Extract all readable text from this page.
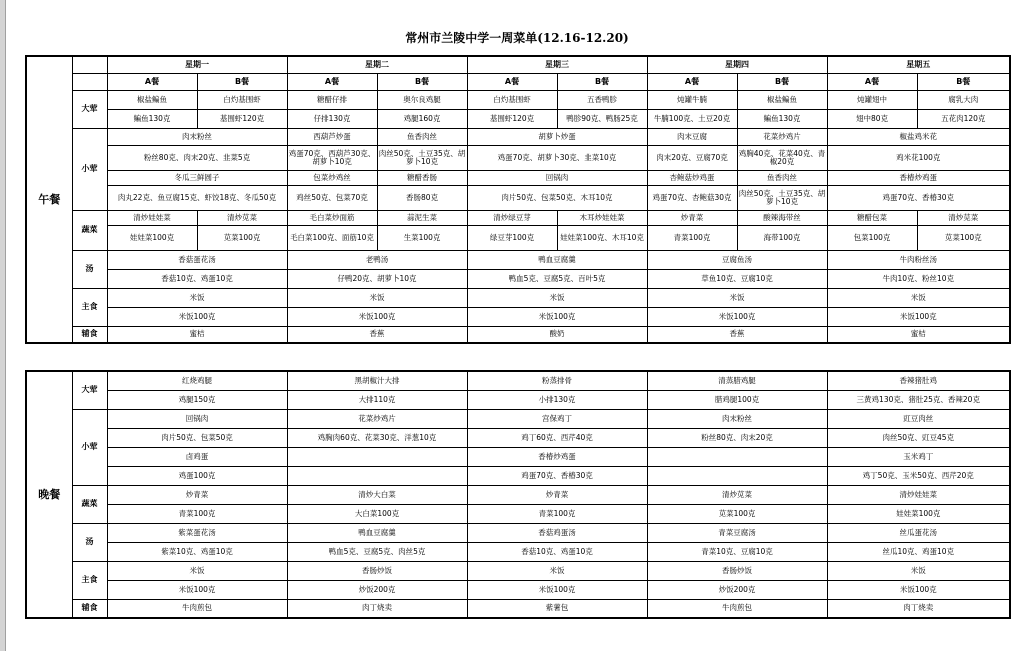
常州市兰陵中学一周菜单(12.16-12.20)
午餐		星期一		星期二		星期三		星期四		星期五	
		A餐	B餐	A餐	B餐	A餐	B餐	A餐	B餐	A餐	B餐
	大荤	椒盐鳊鱼	白灼基围虾	糖醋仔排	奥尔良鸡腿	白灼基围虾	五香鸭胗	炖罐牛腩	椒盐鳊鱼	炖罐翅中	腐乳大肉
		鳊鱼130克	基围虾120克	仔排130克	鸡腿160克	基围虾120克	鸭胗90克、鸭肠25克	牛腩100克、土豆20克	鳊鱼130克	翅中80克	五花肉120克
	小荤	肉末粉丝		西葫芦炒蛋	鱼香肉丝	胡萝卜炒蛋		肉末豆腐	花菜炒鸡片	椒盐鸡米花	
		粉丝80克、肉末20克、韭菜5克		鸡蛋70克、西葫芦30克、胡萝卜10克	肉丝50克、土豆35克、胡萝卜10克	鸡蛋70克、胡萝卜30克、韭菜10克		肉末20克、豆腐70克	鸡胸40克、花菜40克、青椒20克	鸡米花100克	
		冬瓜三鲜圆子		包菜炒鸡丝	糖醋香肠	回锅肉		杏鲍菇炒鸡蛋	鱼香肉丝	香椿炒鸡蛋	
		肉丸22克、鱼豆腐15克、虾饺18克、冬瓜50克		鸡丝50克、包菜70克	香肠80克	肉片50克、包菜50克、木耳10克		鸡蛋70克、杏鲍菇30克	肉丝50克、土豆35克、胡萝卜10克	鸡蛋70克、香椿30克	
	蔬菜	清炒娃娃菜	清炒苋菜	毛白菜炒面筋	蒜泥生菜	清炒绿豆芽	木耳炒娃娃菜	炒青菜	酸辣海带丝	糖醋包菜	清炒苋菜
		娃娃菜100克	苋菜100克	毛白菜100克、面筋10克	生菜100克	绿豆芽100克	娃娃菜100克、木耳10克	青菜100克	海带100克	包菜100克	苋菜100克
	汤	香菇蛋花汤		老鸭汤		鸭血豆腐羹		豆腐鱼汤		牛肉粉丝汤	
		香菇10克、鸡蛋10克		仔鸭20克、胡萝卜10克		鸭血5克、豆腐5克、百叶5克		草鱼10克、豆腐10克		牛肉10克、粉丝10克	
	主食	米饭		米饭		米饭		米饭		米饭	
		米饭100克		米饭100克		米饭100克		米饭100克		米饭100克	
	辅食	蜜桔		香蕉		酸奶		香蕉		蜜桔	
晚餐	大荤	红烧鸡腿	黑胡椒汁大排	粉蒸排骨	清蒸腊鸡腿	香辣猪肚鸡
		鸡腿150克	大排110克	小排130克	腊鸡腿100克	三黄鸡130克、猪肚25克、香辣20克
	小荤	回锅肉	花菜炒鸡片	宫保鸡丁	肉末粉丝	豇豆肉丝
		肉片50克、包菜50克	鸡胸肉60克、花菜30克、洋葱10克	鸡丁60克、西芹40克	粉丝80克、肉末20克	肉丝50克、豇豆45克
		卤鸡蛋		香椿炒鸡蛋		玉米鸡丁
		鸡蛋100克		鸡蛋70克、香椿30克		鸡丁50克、玉米50克、西芹20克
	蔬菜	炒青菜	清炒大白菜	炒青菜	清炒苋菜	清炒娃娃菜
		青菜100克	大白菜100克	青菜100克	苋菜100克	娃娃菜100克
	汤	紫菜蛋花汤	鸭血豆腐羹	香菇鸡蛋汤	青菜豆腐汤	丝瓜蛋花汤
		紫菜10克、鸡蛋10克	鸭血5克、豆腐5克、肉丝5克	香菇10克、鸡蛋10克	青菜10克、豆腐10克	丝瓜10克、鸡蛋10克
	主食	米饭	香肠炒饭	米饭	香肠炒饭	米饭
		米饭100克	炒饭200克	米饭100克	炒饭200克	米饭100克
	辅食	牛肉煎包	肉丁烧卖	紫薯包	牛肉煎包	肉丁烧卖
